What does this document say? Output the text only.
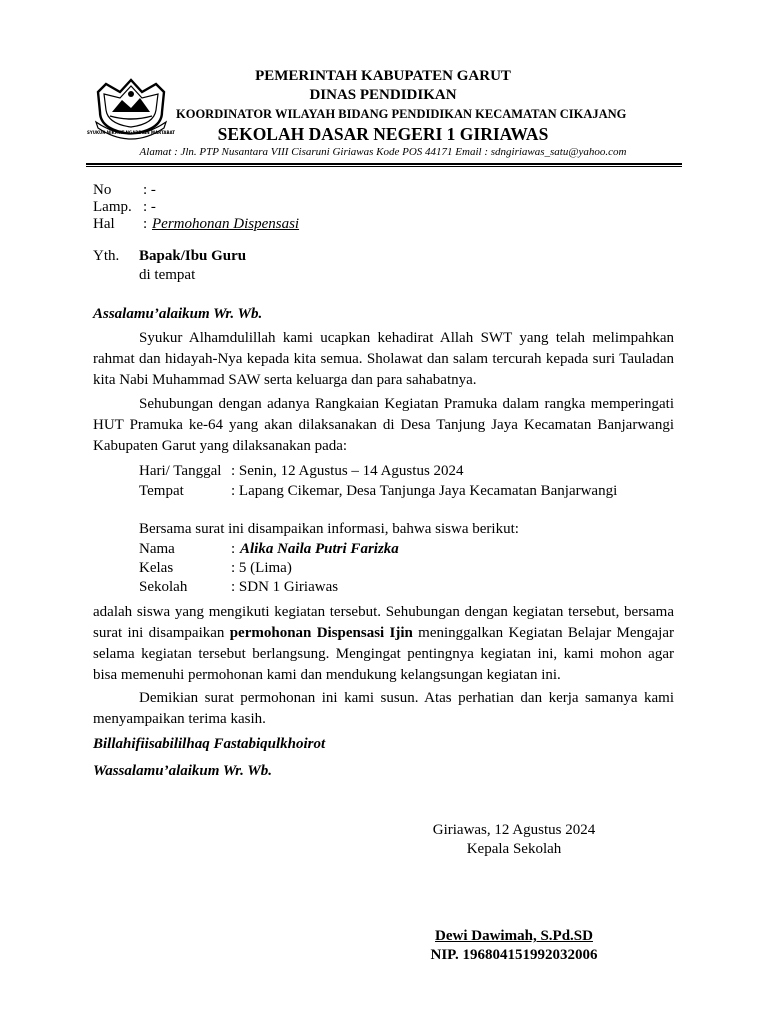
SYUKUR NIKMAT NGABDIAN MARTABAT
PEMERINTAH KABUPATEN GARUT
DINAS PENDIDIKAN
KOORDINATOR WILAYAH BIDANG PENDIDIKAN KECAMATAN CIKAJANG
SEKOLAH DASAR NEGERI 1 GIRIAWAS
Alamat : Jln. PTP Nusantara VIII Cisaruni Giriawas Kode POS 44171 Email : sdngiriawas_satu@yahoo.com
No : -
Lamp. : -
Hal : Permohonan Dispensasi
Yth. Bapak/Ibu Guru
di tempat
Assalamu’alaikum Wr. Wb.
Syukur Alhamdulillah kami ucapkan kehadirat Allah SWT yang telah melimpahkan rahmat dan hidayah-Nya kepada kita semua. Sholawat dan salam tercurah kepada suri Tauladan kita Nabi Muhammad SAW serta keluarga dan para sahabatnya.
Sehubungan dengan adanya Rangkaian Kegiatan Pramuka dalam rangka memperingati HUT Pramuka ke-64 yang akan dilaksanakan di Desa Tanjung Jaya Kecamatan Banjarwangi Kabupaten Garut yang dilaksanakan pada:
Hari/ Tanggal : Senin, 12 Agustus – 14 Agustus 2024
Tempat	: Lapang Cikemar, Desa Tanjunga Jaya Kecamatan Banjarwangi
Bersama surat ini disampaikan informasi, bahwa siswa berikut:
Nama	: Alika Naila Putri Farizka
Kelas	: 5 (Lima)
Sekolah	: SDN 1 Giriawas
adalah siswa yang mengikuti kegiatan tersebut. Sehubungan dengan kegiatan tersebut, bersama surat ini disampaikan permohonan Dispensasi Ijin meninggalkan Kegiatan Belajar Mengajar selama kegiatan tersebut berlangsung. Mengingat pentingnya kegiatan ini, kami mohon agar bisa memenuhi permohonan kami dan mendukung kelangsungan kegiatan ini.
Demikian surat permohonan ini kami susun. Atas perhatian dan kerja samanya kami menyampaikan terima kasih.
Billahifiisabililhaq Fastabiqulkhoirot
Wassalamu’alaikum Wr. Wb.
Giriawas, 12 Agustus 2024
Kepala Sekolah
Dewi Dawimah, S.Pd.SD
NIP. 196804151992032006
